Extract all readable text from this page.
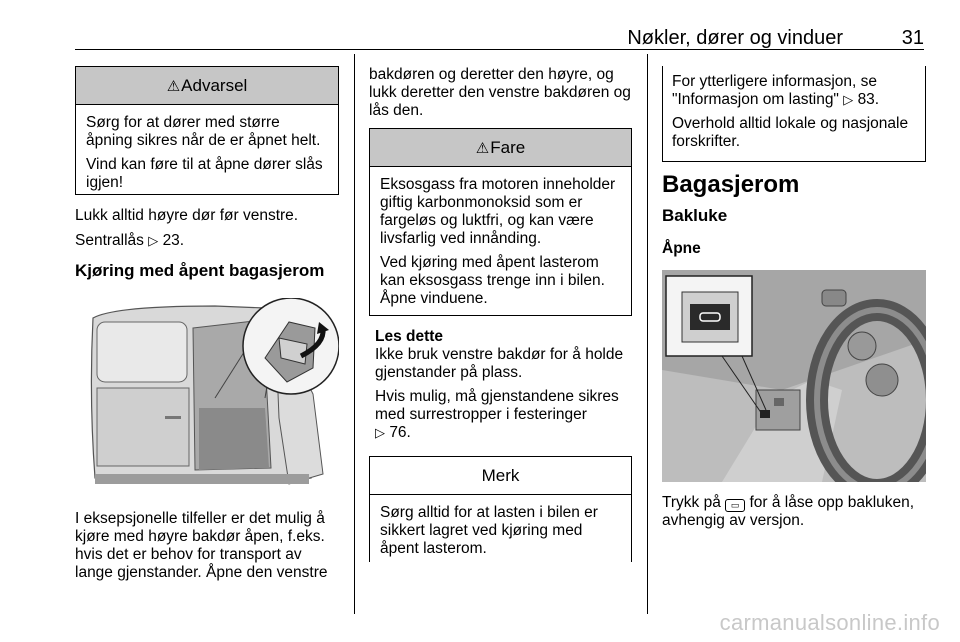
Nøkler, dører og vinduer	31
⚠Advarsel

Sørg for at dører med større åpning sikres når de er åpnet helt.

Vind kan føre til at åpne dører slås igjen!

Lukk alltid høyre dør før venstre.

Sentrallås ▷ 23.

Kjøring med åpent bagasjerom

I eksepsjonelle tilfeller er det mulig å kjøre med høyre bakdør åpen, f.eks. hvis det er behov for transport av lange gjenstander. Åpne den venstre

bakdøren og deretter den høyre, og lukk deretter den venstre bakdøren og lås den.

⚠Fare

Eksosgass fra motoren inneholder giftig karbonmonoksid som er fargeløs og luktfri, og kan være livsfarlig ved innånding.

Ved kjøring med åpent lasterom kan eksosgass trenge inn i bilen. Åpne vinduene.

Les dette

Ikke bruk venstre bakdør for å holde gjenstander på plass.

Hvis mulig, må gjenstandene sikres med surrestropper i festeringer
▷ 76.

Merk

Sørg alltid for at lasten i bilen er sikkert lagret ved kjøring med åpent lasterom.

For ytterligere informasjon, se "Informasjon om lasting" ▷ 83.

Overhold alltid lokale og nasjonale forskrifter.

Bagasjerom

Bakluke

Åpne

Trykk på ▭ for å låse opp bakluken, avhengig av versjon.

carmanualsonline.info
